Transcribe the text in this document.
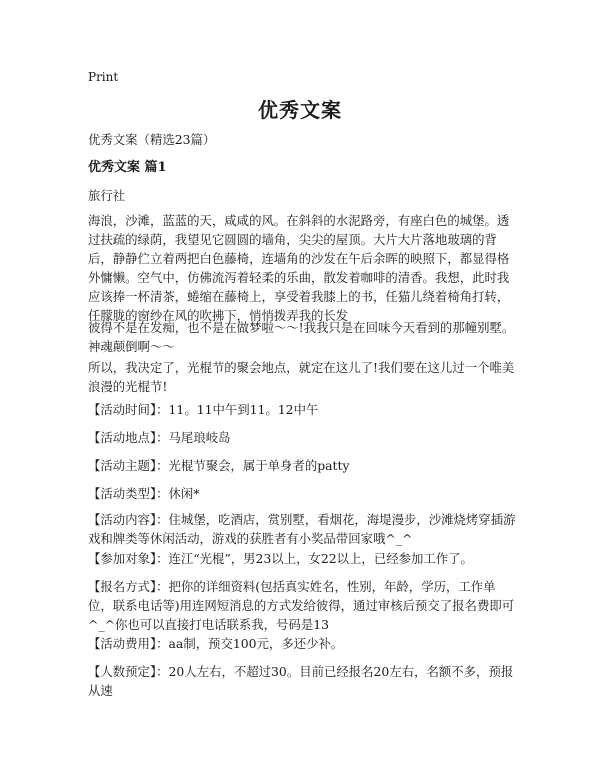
Print
优秀文案

优秀文案（精选23篇）

优秀文案 篇1

旅行社

海浪，沙滩，蓝蓝的天，咸咸的风。在斜斜的水泥路旁，有座白色的城堡。透过扶疏的绿荫，我望见它圆圆的墙角，尖尖的屋顶。大片大片落地玻璃的背后，静静伫立着两把白色藤椅，连墙角的沙发在午后余晖的映照下，都显得格外慵懒。空气中，仿佛流泻着轻柔的乐曲，散发着咖啡的清香。我想，此时我应该捧一杯清茶，蜷缩在藤椅上，享受着我膝上的书，任猫儿绕着椅角打转，任朦胧的窗纱在风的吹拂下，悄悄拨弄我的长发

彼得不是在发痴，也不是在做梦啦～～!我我只是在回味今天看到的那幢别墅。神魂颠倒啊～～

所以，我决定了，光棍节的聚会地点，就定在这儿了!我们要在这儿过一个唯美浪漫的光棍节!

【活动时间】：11。11中午到11。12中午

【活动地点】：马尾琅岐岛

【活动主题】：光棍节聚会，属于单身者的patty

【活动类型】：休闲*

【活动内容】：住城堡，吃酒店，赏别墅，看烟花，海堤漫步，沙滩烧烤穿插游戏和牌类等休闲活动，游戏的获胜者有小奖品带回家哦^_^

【参加对象】：连江“光棍”，男23以上，女22以上，已经参加工作了。

【报名方式】：把你的详细资料(包括真实姓名，性别，年龄，学历，工作单位，联系电话等)用连网短消息的方式发给彼得，通过审核后预交了报名费即可^_^你也可以直接打电话联系我，号码是13

【活动费用】：aa制，预交100元，多还少补。

【人数预定】：20人左右，不超过30。目前已经报名20左右，名额不多，预报从速
